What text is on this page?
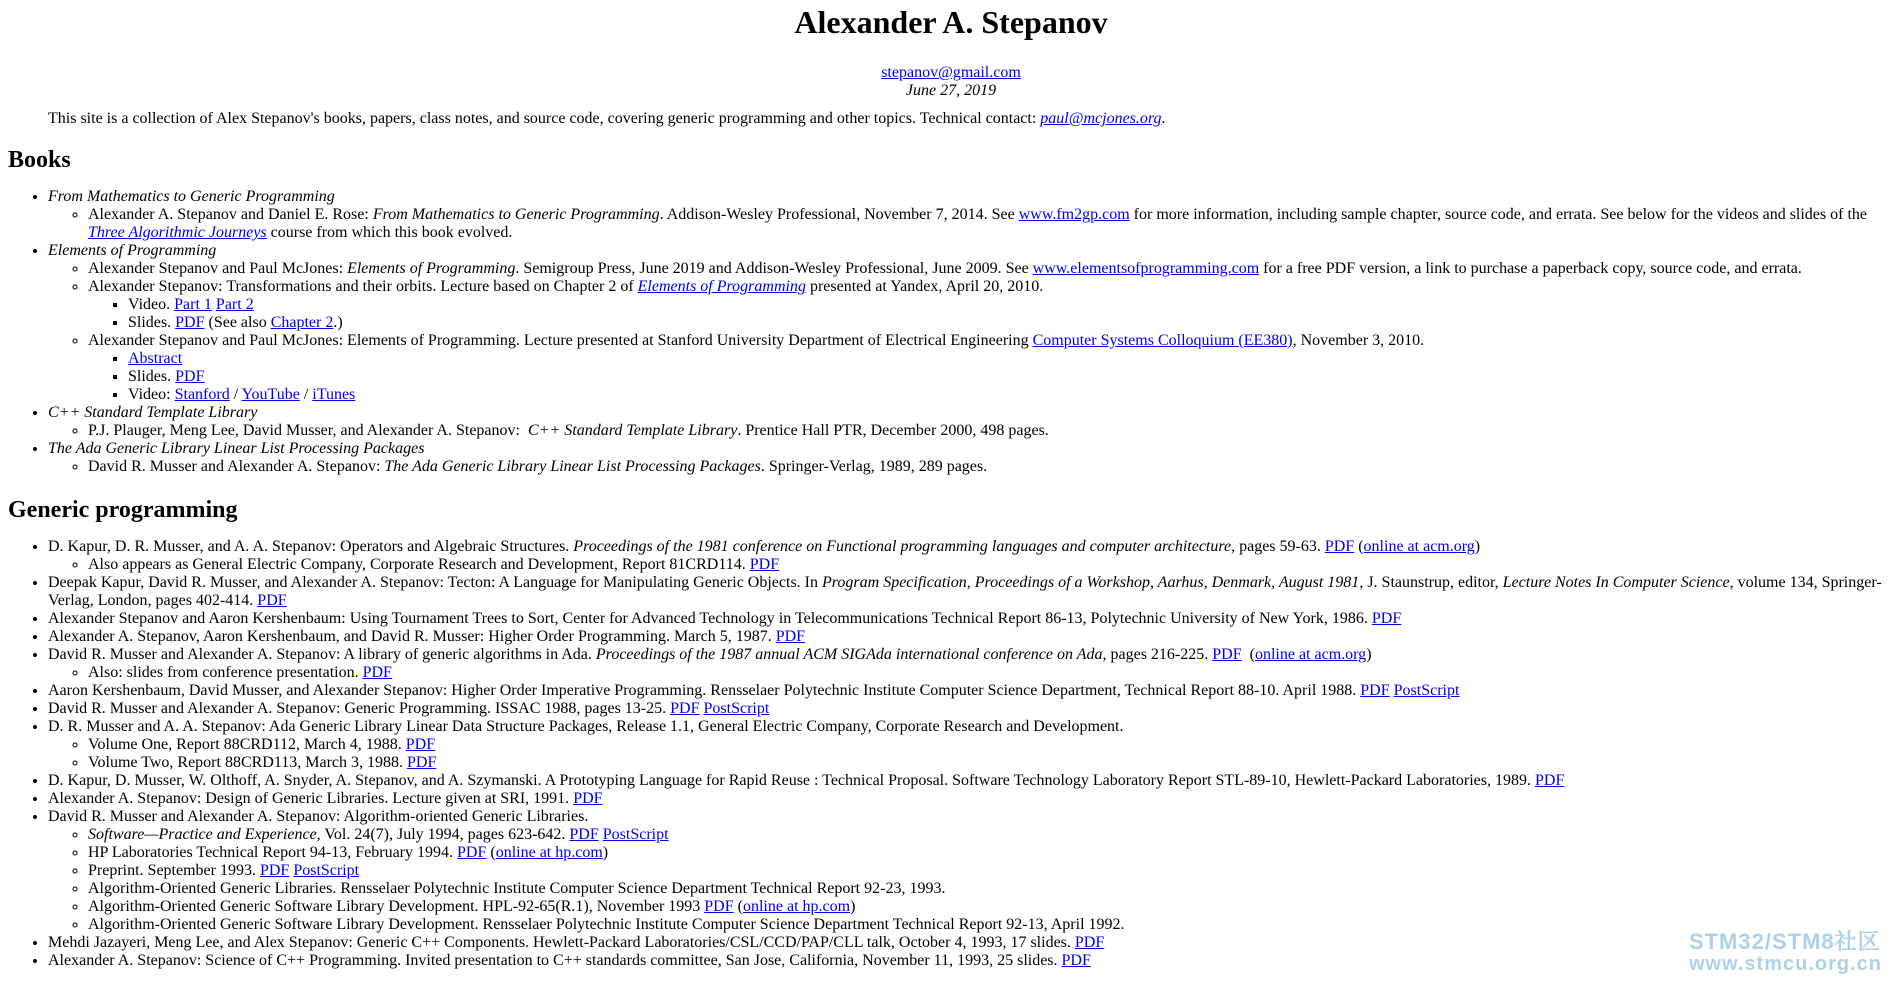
Alexander A. Stepanov
stepanov@gmail.com
June 27, 2019

This site is a collection of Alex Stepanov's books, papers, class notes, and source code, covering generic programming and other topics. Technical contact: paul@mcjones.org.

Books
• From Mathematics to Generic Programming
◦ Alexander A. Stepanov and Daniel E. Rose: From Mathematics to Generic Programming. Addison-Wesley Professional, November 7, 2014. See www.fm2gp.com for more information, including sample chapter, source code, and errata. See below for the videos and slides of the Three Algorithmic Journeys course from which this book evolved.
• Elements of Programming
◦ Alexander Stepanov and Paul McJones: Elements of Programming. Semigroup Press, June 2019 and Addison-Wesley Professional, June 2009. See www.elementsofprogramming.com for a free PDF version, a link to purchase a paperback copy, source code, and errata.
◦ Alexander Stepanov: Transformations and their orbits. Lecture based on Chapter 2 of Elements of Programming presented at Yandex, April 20, 2010.
▪ Video. Part 1 Part 2
▪ Slides. PDF (See also Chapter 2.)
◦ Alexander Stepanov and Paul McJones: Elements of Programming. Lecture presented at Stanford University Department of Electrical Engineering Computer Systems Colloquium (EE380), November 3, 2010.
▪ Abstract
▪ Slides. PDF
▪ Video: Stanford / YouTube / iTunes
• C++ Standard Template Library
◦ P.J. Plauger, Meng Lee, David Musser, and Alexander A. Stepanov:  C++ Standard Template Library. Prentice Hall PTR, December 2000, 498 pages.
• The Ada Generic Library Linear List Processing Packages
◦ David R. Musser and Alexander A. Stepanov: The Ada Generic Library Linear List Processing Packages. Springer-Verlag, 1989, 289 pages.
Generic programming
• D. Kapur, D. R. Musser, and A. A. Stepanov: Operators and Algebraic Structures. Proceedings of the 1981 conference on Functional programming languages and computer architecture, pages 59-63. PDF (online at acm.org)
◦ Also appears as General Electric Company, Corporate Research and Development, Report 81CRD114. PDF
• Deepak Kapur, David R. Musser, and Alexander A. Stepanov: Tecton: A Language for Manipulating Generic Objects. In Program Specification, Proceedings of a Workshop, Aarhus, Denmark, August 1981, J. Staunstrup, editor, Lecture Notes In Computer Science, volume 134, Springer-Verlag, London, pages 402-414. PDF
• Alexander Stepanov and Aaron Kershenbaum: Using Tournament Trees to Sort, Center for Advanced Technology in Telecommunications Technical Report 86-13, Polytechnic University of New York, 1986. PDF
• Alexander A. Stepanov, Aaron Kershenbaum, and David R. Musser: Higher Order Programming. March 5, 1987. PDF
• David R. Musser and Alexander A. Stepanov: A library of generic algorithms in Ada. Proceedings of the 1987 annual ACM SIGAda international conference on Ada, pages 216-225. PDF  (online at acm.org)
◦ Also: slides from conference presentation. PDF
• Aaron Kershenbaum, David Musser, and Alexander Stepanov: Higher Order Imperative Programming. Rensselaer Polytechnic Institute Computer Science Department, Technical Report 88-10. April 1988. PDF PostScript
• David R. Musser and Alexander A. Stepanov: Generic Programming. ISSAC 1988, pages 13-25. PDF PostScript
• D. R. Musser and A. A. Stepanov: Ada Generic Library Linear Data Structure Packages, Release 1.1, General Electric Company, Corporate Research and Development.
◦ Volume One, Report 88CRD112, March 4, 1988. PDF
◦ Volume Two, Report 88CRD113, March 3, 1988. PDF
• D. Kapur, D. Musser, W. Olthoff, A. Snyder, A. Stepanov, and A. Szymanski. A Prototyping Language for Rapid Reuse : Technical Proposal. Software Technology Laboratory Report STL-89-10, Hewlett-Packard Laboratories, 1989. PDF
• Alexander A. Stepanov: Design of Generic Libraries. Lecture given at SRI, 1991. PDF
• David R. Musser and Alexander A. Stepanov: Algorithm-oriented Generic Libraries.
◦ Software—Practice and Experience, Vol. 24(7), July 1994, pages 623-642. PDF PostScript
◦ HP Laboratories Technical Report 94-13, February 1994. PDF (online at hp.com)
◦ Preprint. September 1993. PDF PostScript
◦ Algorithm-Oriented Generic Libraries. Rensselaer Polytechnic Institute Computer Science Department Technical Report 92-23, 1993.
◦ Algorithm-Oriented Generic Software Library Development. HPL-92-65(R.1), November 1993 PDF (online at hp.com)
◦ Algorithm-Oriented Generic Software Library Development. Rensselaer Polytechnic Institute Computer Science Department Technical Report 92-13, April 1992.
• Mehdi Jazayeri, Meng Lee, and Alex Stepanov: Generic C++ Components. Hewlett-Packard Laboratories/CSL/CCD/PAP/CLL talk, October 4, 1993, 17 slides. PDF
• Alexander A. Stepanov: Science of C++ Programming. Invited presentation to C++ standards committee, San Jose, California, November 11, 1993, 25 slides. PDF
STM32/STM8社区
www.stmcu.org.cn
